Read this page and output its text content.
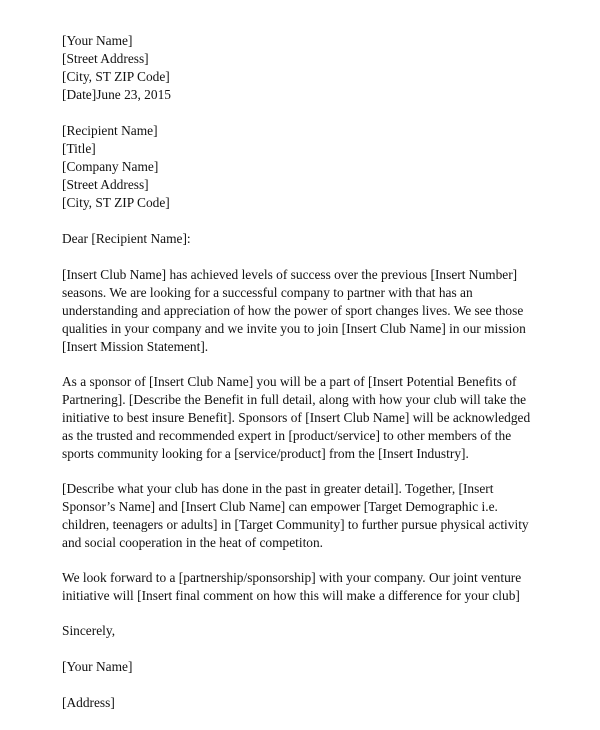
[Your Name]
[Street Address]
[City, ST ZIP Code]
[Date]June 23, 2015
[Recipient Name]
[Title]
[Company Name]
[Street Address]
[City, ST ZIP Code]
Dear [Recipient Name]:
[Insert Club Name] has achieved levels of success over the previous [Insert Number]
seasons. We are looking for a successful company to partner with that has an
understanding and appreciation of how the power of sport changes lives. We see those
qualities in your company and we invite you to join [Insert Club Name] in our mission
[Insert Mission Statement].
As a sponsor of [Insert Club Name] you will be a part of [Insert Potential Benefits of
Partnering]. [Describe the Benefit in full detail, along with how your club will take the
initiative to best insure Benefit]. Sponsors of [Insert Club Name] will be acknowledged
as the trusted and recommended expert in [product/service] to other members of the
sports community looking for a [service/product] from the [Insert Industry].
[Describe what your club has done in the past in greater detail]. Together, [Insert
Sponsor’s Name] and [Insert Club Name] can empower [Target Demographic i.e.
children, teenagers or adults] in [Target Community] to further pursue physical activity
and social cooperation in the heat of competiton.
We look forward to a [partnership/sponsorship] with your company. Our joint venture
initiative will [Insert final comment on how this will make a difference for your club]
Sincerely,
[Your Name]
[Address]
